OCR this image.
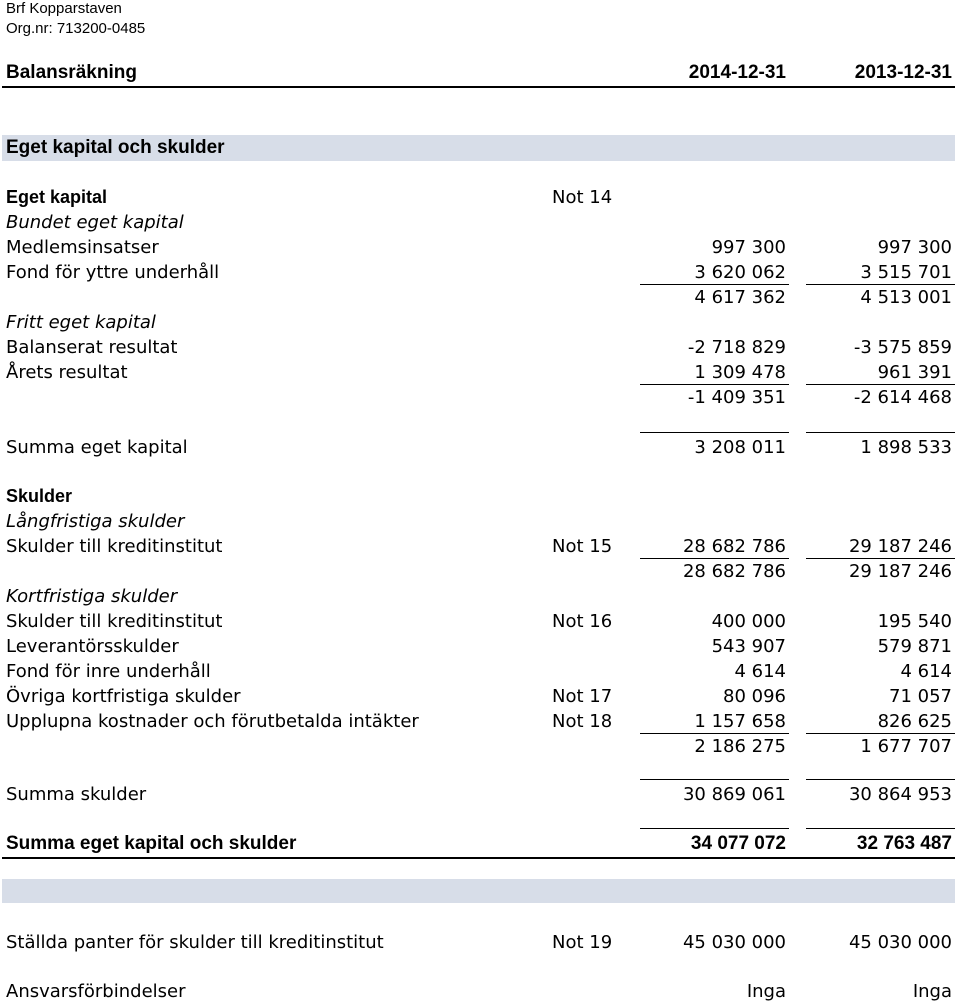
Brf Kopparstaven
Org.nr: 713200-0485
Balansräkning	2014-12-31	2013-12-31
Eget kapital och skulder
Eget kapital	Not 14
Bundet eget kapital
Medlemsinsatser	997 300	997 300
Fond för yttre underhåll	3 620 062	3 515 701
4 617 362	4 513 001
Fritt eget kapital
Balanserat resultat	-2 718 829	-3 575 859
Årets resultat	1 309 478	961 391
-1 409 351	-2 614 468
Summa eget kapital	3 208 011	1 898 533
Skulder
Långfristiga skulder
Skulder till kreditinstitut	Not 15	28 682 786	29 187 246
28 682 786	29 187 246
Kortfristiga skulder
Skulder till kreditinstitut	Not 16	400 000	195 540
Leverantörsskulder	543 907	579 871
Fond för inre underhåll	4 614	4 614
Övriga kortfristiga skulder	Not 17	80 096	71 057
Upplupna kostnader och förutbetalda intäkter	Not 18	1 157 658	826 625
2 186 275	1 677 707
Summa skulder	30 869 061	30 864 953
Summa eget kapital och skulder	34 077 072	32 763 487
Ställda panter för skulder till kreditinstitut	Not 19	45 030 000	45 030 000
Ansvarsförbindelser	Inga	Inga
